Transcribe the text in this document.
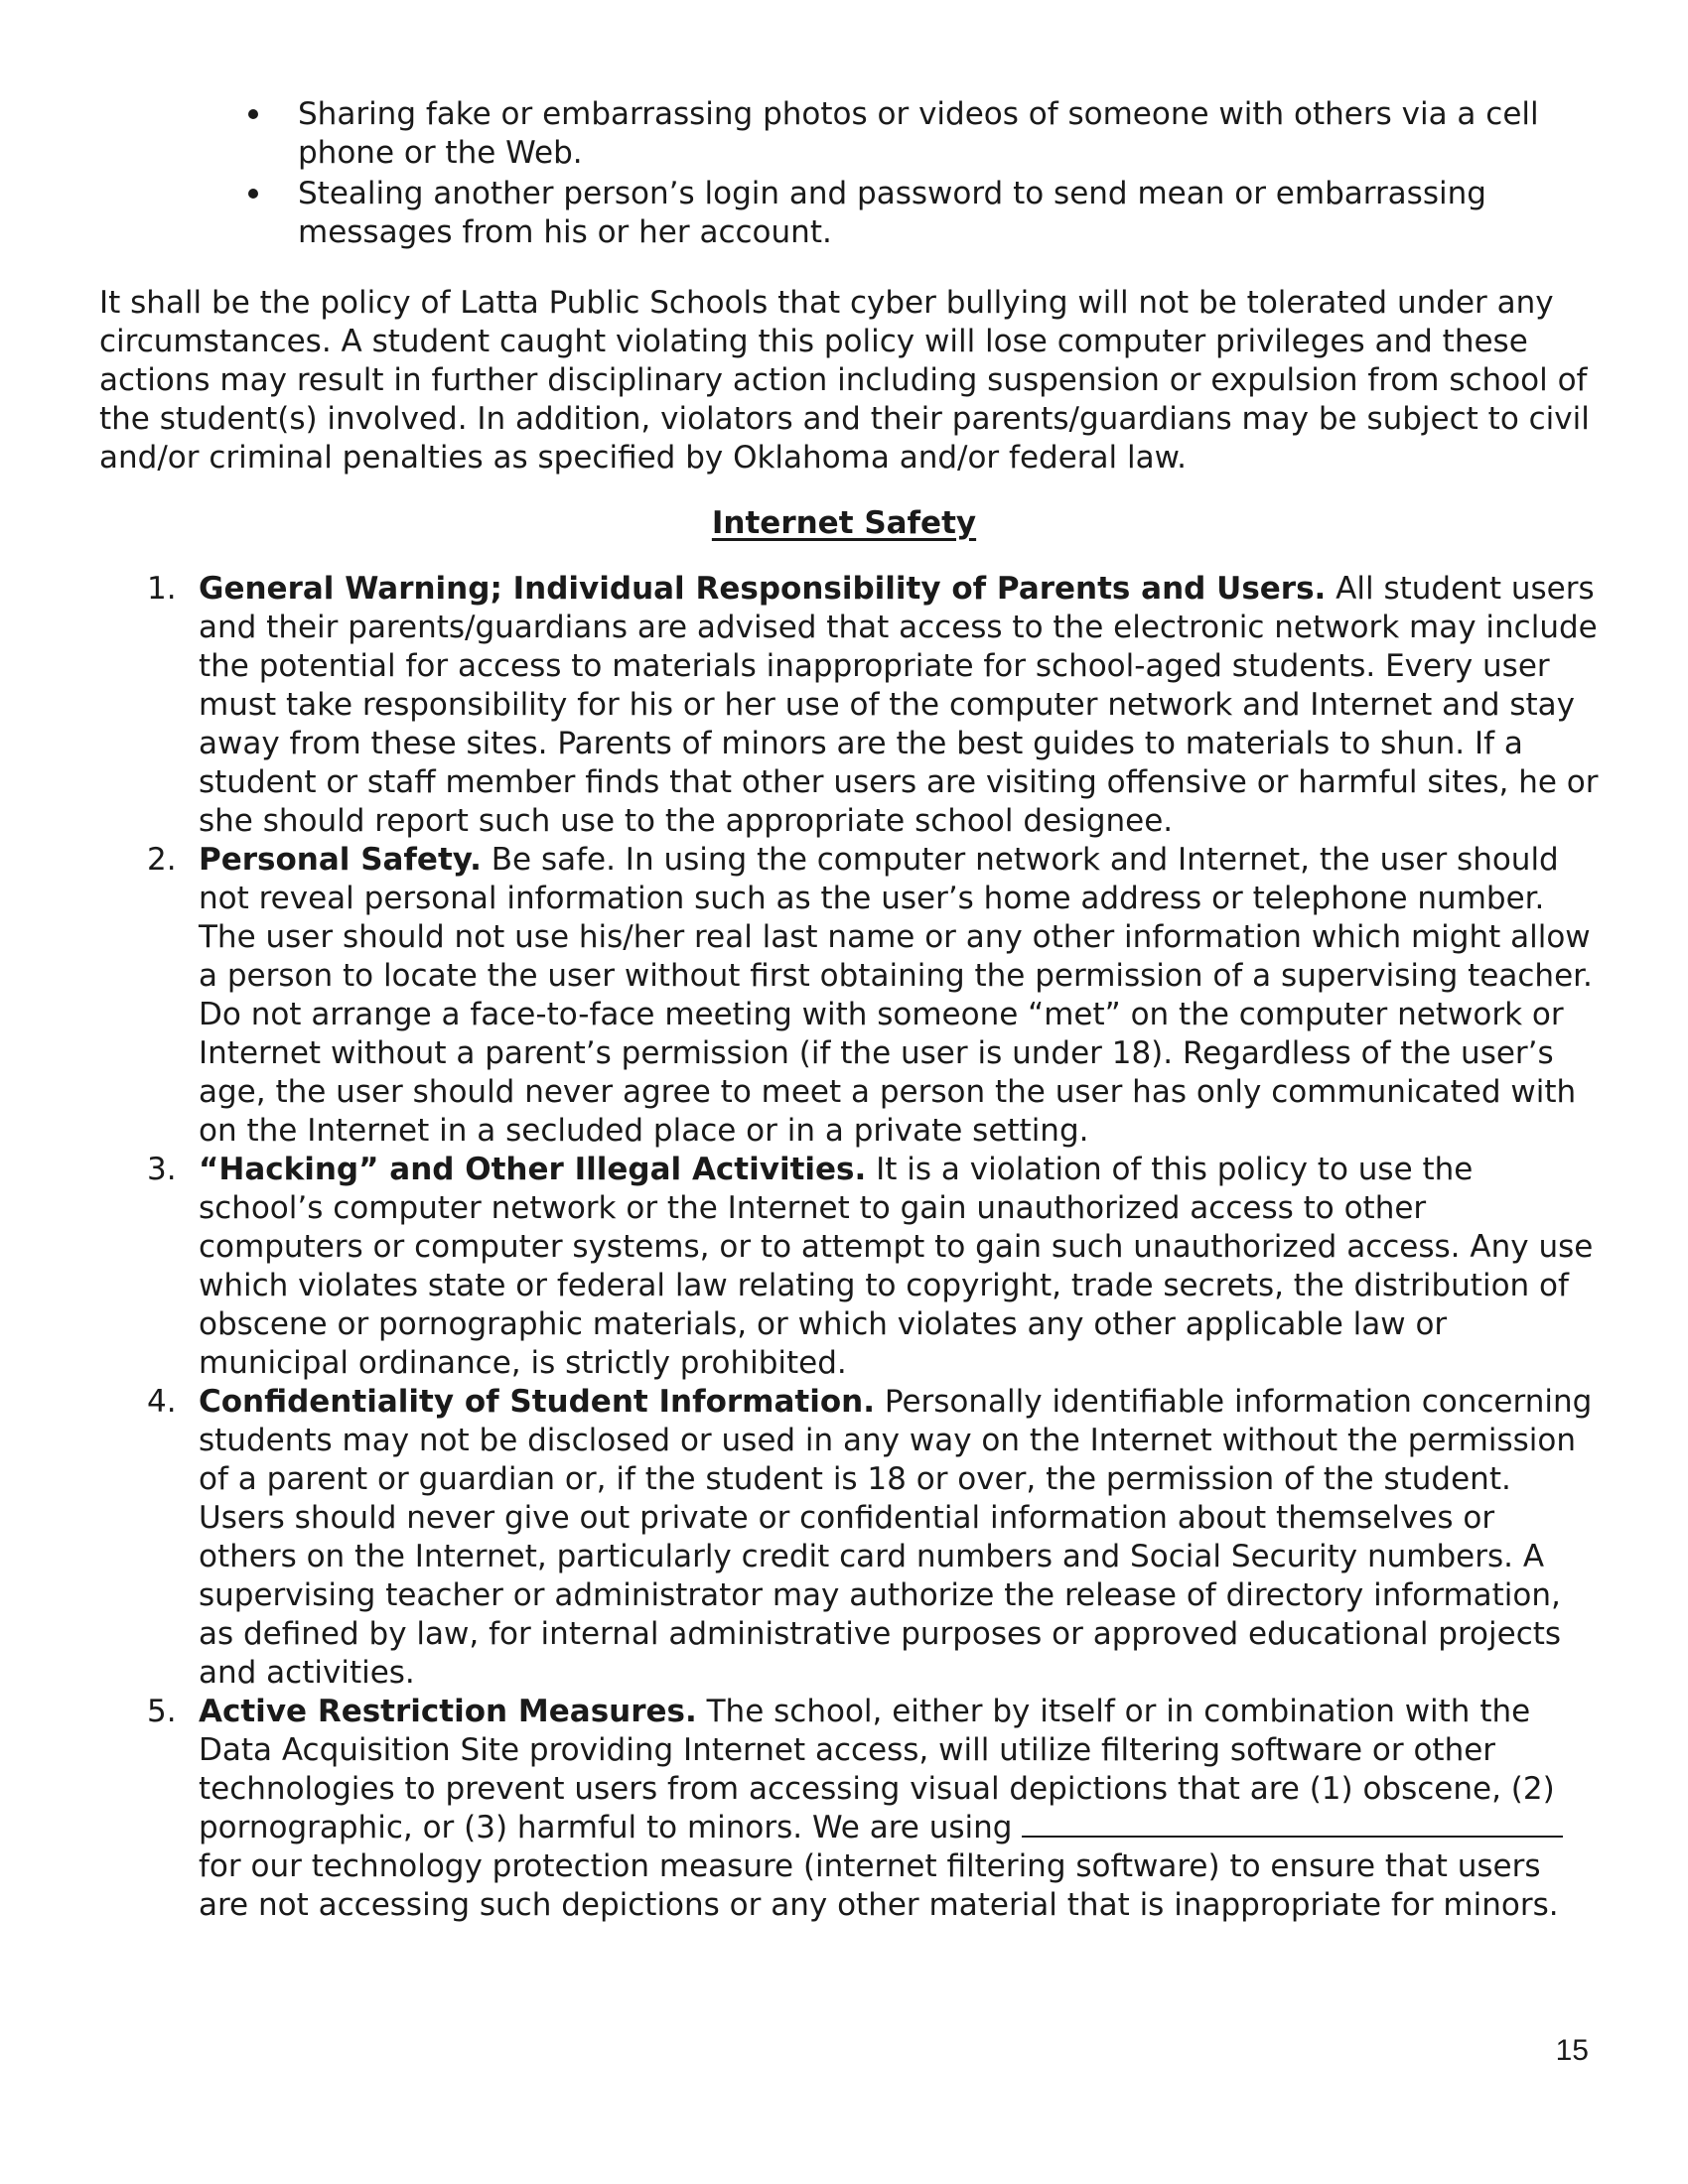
Sharing fake or embarrassing photos or videos of someone with others via a cell phone or the Web.
Stealing another person’s login and password to send mean or embarrassing messages from his or her account.

It shall be the policy of Latta Public Schools that cyber bullying will not be tolerated under any circumstances. A student caught violating this policy will lose computer privileges and these actions may result in further disciplinary action including suspension or expulsion from school of the student(s) involved. In addition, violators and their parents/guardians may be subject to civil and/or criminal penalties as specified by Oklahoma and/or federal law.

Internet Safety
1. General Warning; Individual Responsibility of Parents and Users. All student users and their parents/guardians are advised that access to the electronic network may include the potential for access to materials inappropriate for school-aged students. Every user must take responsibility for his or her use of the computer network and Internet and stay away from these sites. Parents of minors are the best guides to materials to shun. If a student or staff member finds that other users are visiting offensive or harmful sites, he or she should report such use to the appropriate school designee.
2. Personal Safety. Be safe. In using the computer network and Internet, the user should not reveal personal information such as the user’s home address or telephone number. The user should not use his/her real last name or any other information which might allow a person to locate the user without first obtaining the permission of a supervising teacher. Do not arrange a face-to-face meeting with someone “met” on the computer network or Internet without a parent’s permission (if the user is under 18). Regardless of the user’s age, the user should never agree to meet a person the user has only communicated with on the Internet in a secluded place or in a private setting.
3. “Hacking” and Other Illegal Activities. It is a violation of this policy to use the school’s computer network or the Internet to gain unauthorized access to other computers or computer systems, or to attempt to gain such unauthorized access. Any use which violates state or federal law relating to copyright, trade secrets, the distribution of obscene or pornographic materials, or which violates any other applicable law or municipal ordinance, is strictly prohibited.
4. Confidentiality of Student Information. Personally identifiable information concerning students may not be disclosed or used in any way on the Internet without the permission of a parent or guardian or, if the student is 18 or over, the permission of the student. Users should never give out private or confidential information about themselves or others on the Internet, particularly credit card numbers and Social Security numbers. A supervising teacher or administrator may authorize the release of directory information, as defined by law, for internal administrative purposes or approved educational projects and activities.
5. Active Restriction Measures. The school, either by itself or in combination with the Data Acquisition Site providing Internet access, will utilize filtering software or other technologies to prevent users from accessing visual depictions that are (1) obscene, (2) pornographic, or (3) harmful to minors. We are using  for our technology protection measure (internet filtering software) to ensure that users are not accessing such depictions or any other material that is inappropriate for minors.
15
